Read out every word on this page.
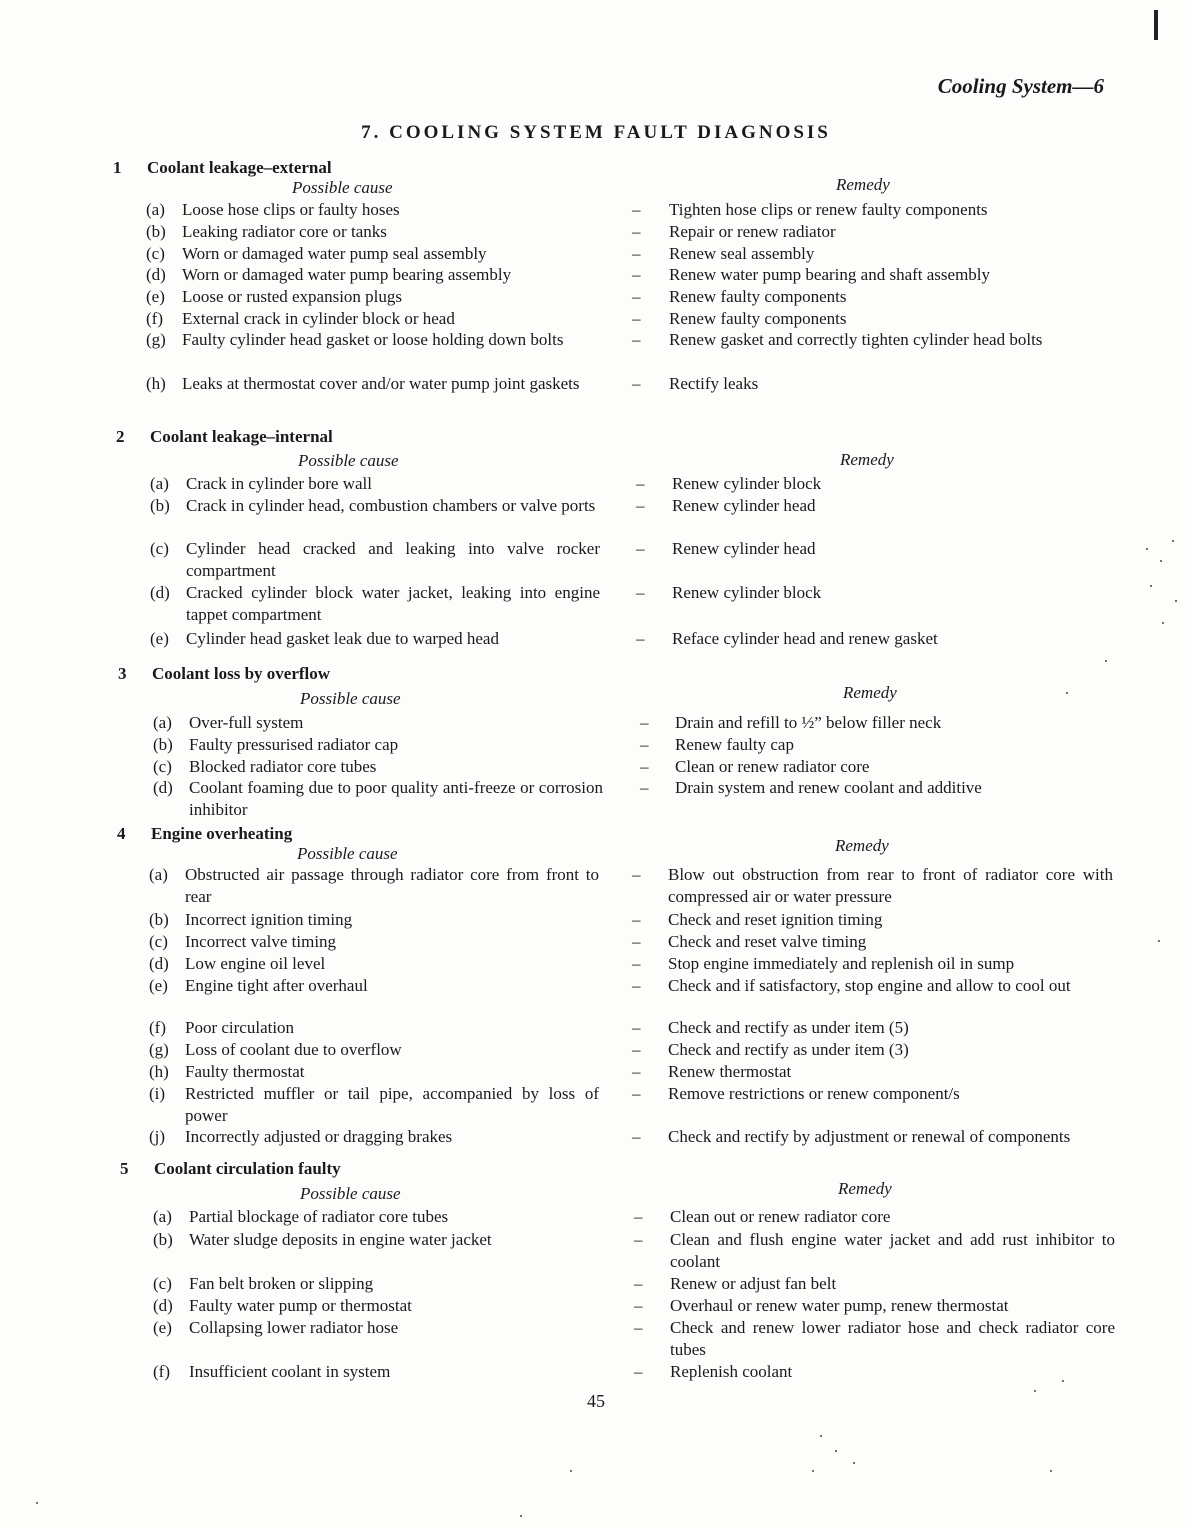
Cooling System—6
7. COOLING SYSTEM FAULT DIAGNOSIS
1 Coolant leakage–external
Possible cause	Remedy
(a)	Loose hose clips or faulty hoses	– Tighten hose clips or renew faulty components
(b) Leaking radiator core or tanks	– Repair or renew radiator
(c)	Worn or damaged water pump seal assembly	– Renew seal assembly
(d) Worn or damaged water pump bearing assembly	– Renew water pump bearing and shaft assembly
(e)	Loose or rusted expansion plugs	– Renew faulty components
(f)	External crack in cylinder block or head	– Renew faulty components
(g) Faulty cylinder head gasket or loose holding down bolts	– Renew gasket and correctly tighten cylinder head bolts
(h) Leaks at thermostat cover and/or water pump joint gaskets	– Rectify leaks
2 Coolant leakage–internal
Possible cause	Remedy
(a)	Crack in cylinder bore wall	– Renew cylinder block
(b) Crack in cylinder head, combustion chambers or valve ports – Renew cylinder head
(c)	Cylinder head cracked and leaking into valve rocker compartment
– Renew cylinder head
(d) Cracked cylinder block water jacket, leaking into engine tappet compartment
– Renew cylinder block
(e)	Cylinder head gasket leak due to warped head	– Reface cylinder head and renew gasket
3 Coolant loss by overflow
Possible cause	Remedy
(a)	Over-full system	– Drain and refill to ½” below filler neck
(b) Faulty pressurised radiator cap	– Renew faulty cap
(c)	Blocked radiator core tubes	– Clean or renew radiator core
(d) Coolant foaming due to poor quality anti-freeze or corrosion inhibitor
– Drain system and renew coolant and additive
4 Engine overheating
Possible cause	Remedy
(a)	Obstructed air passage through radiator core from front to rear
– Blow out obstruction from rear to front of radiator core with compressed air or water pressure
(b) Incorrect ignition timing	– Check and reset ignition timing
(c)	Incorrect valve timing	– Check and reset valve timing
(d) Low engine oil level	– Stop engine immediately and replenish oil in sump
(e)	Engine tight after overhaul	– Check and if satisfactory, stop engine and allow to cool out
(f)	Poor circulation	– Check and rectify as under item (5)
(g) Loss of coolant due to overflow	– Check and rectify as under item (3)
(h) Faulty thermostat	– Renew thermostat
(i)	Restricted muffler or tail pipe, accompanied by loss of power
– Remove restrictions or renew component/s
(j)	Incorrectly adjusted or dragging brakes	– Check and rectify by adjustment or renewal of components
5 Coolant circulation faulty
Possible cause	Remedy
(a)	Partial blockage of radiator core tubes	– Clean out or renew radiator core
(b) Water sludge deposits in engine water jacket	– Clean and flush engine water jacket and add rust inhibitor to coolant
(c)	Fan belt broken or slipping	– Renew or adjust fan belt
(d) Faulty water pump or thermostat	– Overhaul or renew water pump, renew thermostat
(e)	Collapsing lower radiator hose	– Check and renew lower radiator hose and check radiator core tubes
(f)	Insufficient coolant in system	– Replenish coolant
45
